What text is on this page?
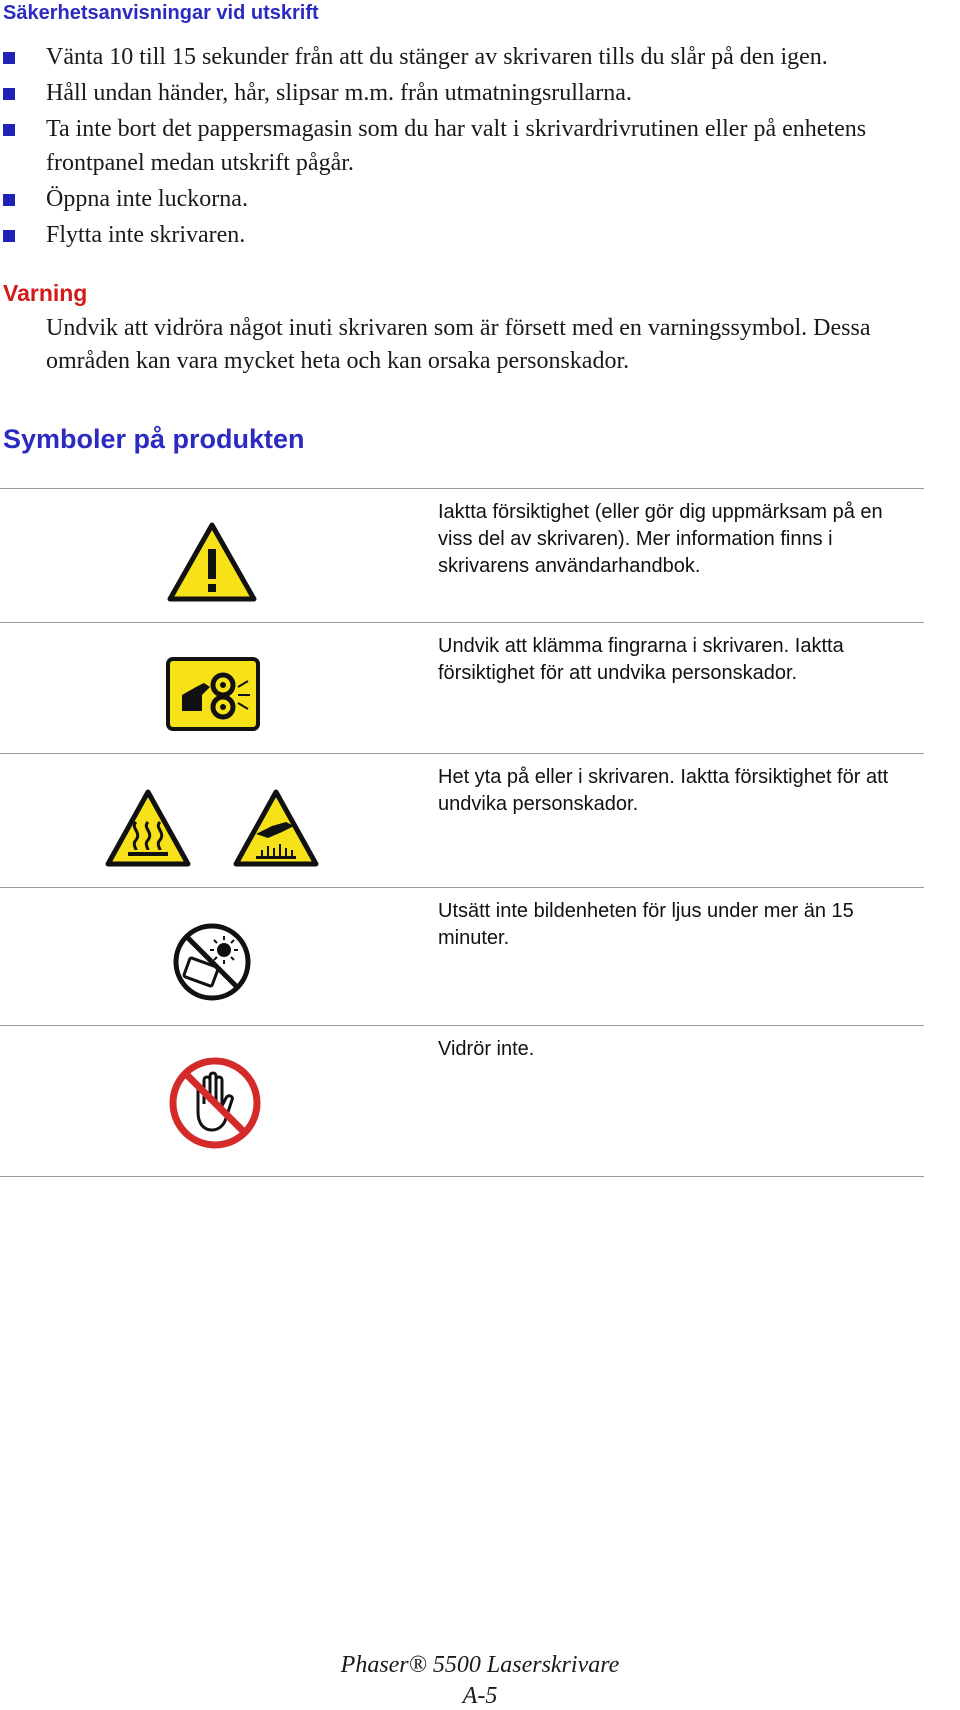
Säkerhetsanvisningar vid utskrift
Vänta 10 till 15 sekunder från att du stänger av skrivaren tills du slår på den igen.
Håll undan händer, hår, slipsar m.m. från utmatningsrullarna.
Ta inte bort det pappersmagasin som du har valt i skrivardrivrutinen eller på enhetens frontpanel medan utskrift pågår.
Öppna inte luckorna.
Flytta inte skrivaren.
Varning
Undvik att vidröra något inuti skrivaren som är försett med en varningssymbol. Dessa områden kan vara mycket heta och kan orsaka personskador.
Symboler på produkten
Iaktta försiktighet (eller gör dig uppmärksam på en viss del av skrivaren). Mer information finns i skrivarens användarhandbok.
Undvik att klämma fingrarna i skrivaren. Iaktta försiktighet för att undvika personskador.
Het yta på eller i skrivaren. Iaktta försiktighet för att undvika personskador.
Utsätt inte bildenheten för ljus under mer än 15 minuter.
Vidrör inte.
Phaser® 5500 Laserskrivare
A-5
